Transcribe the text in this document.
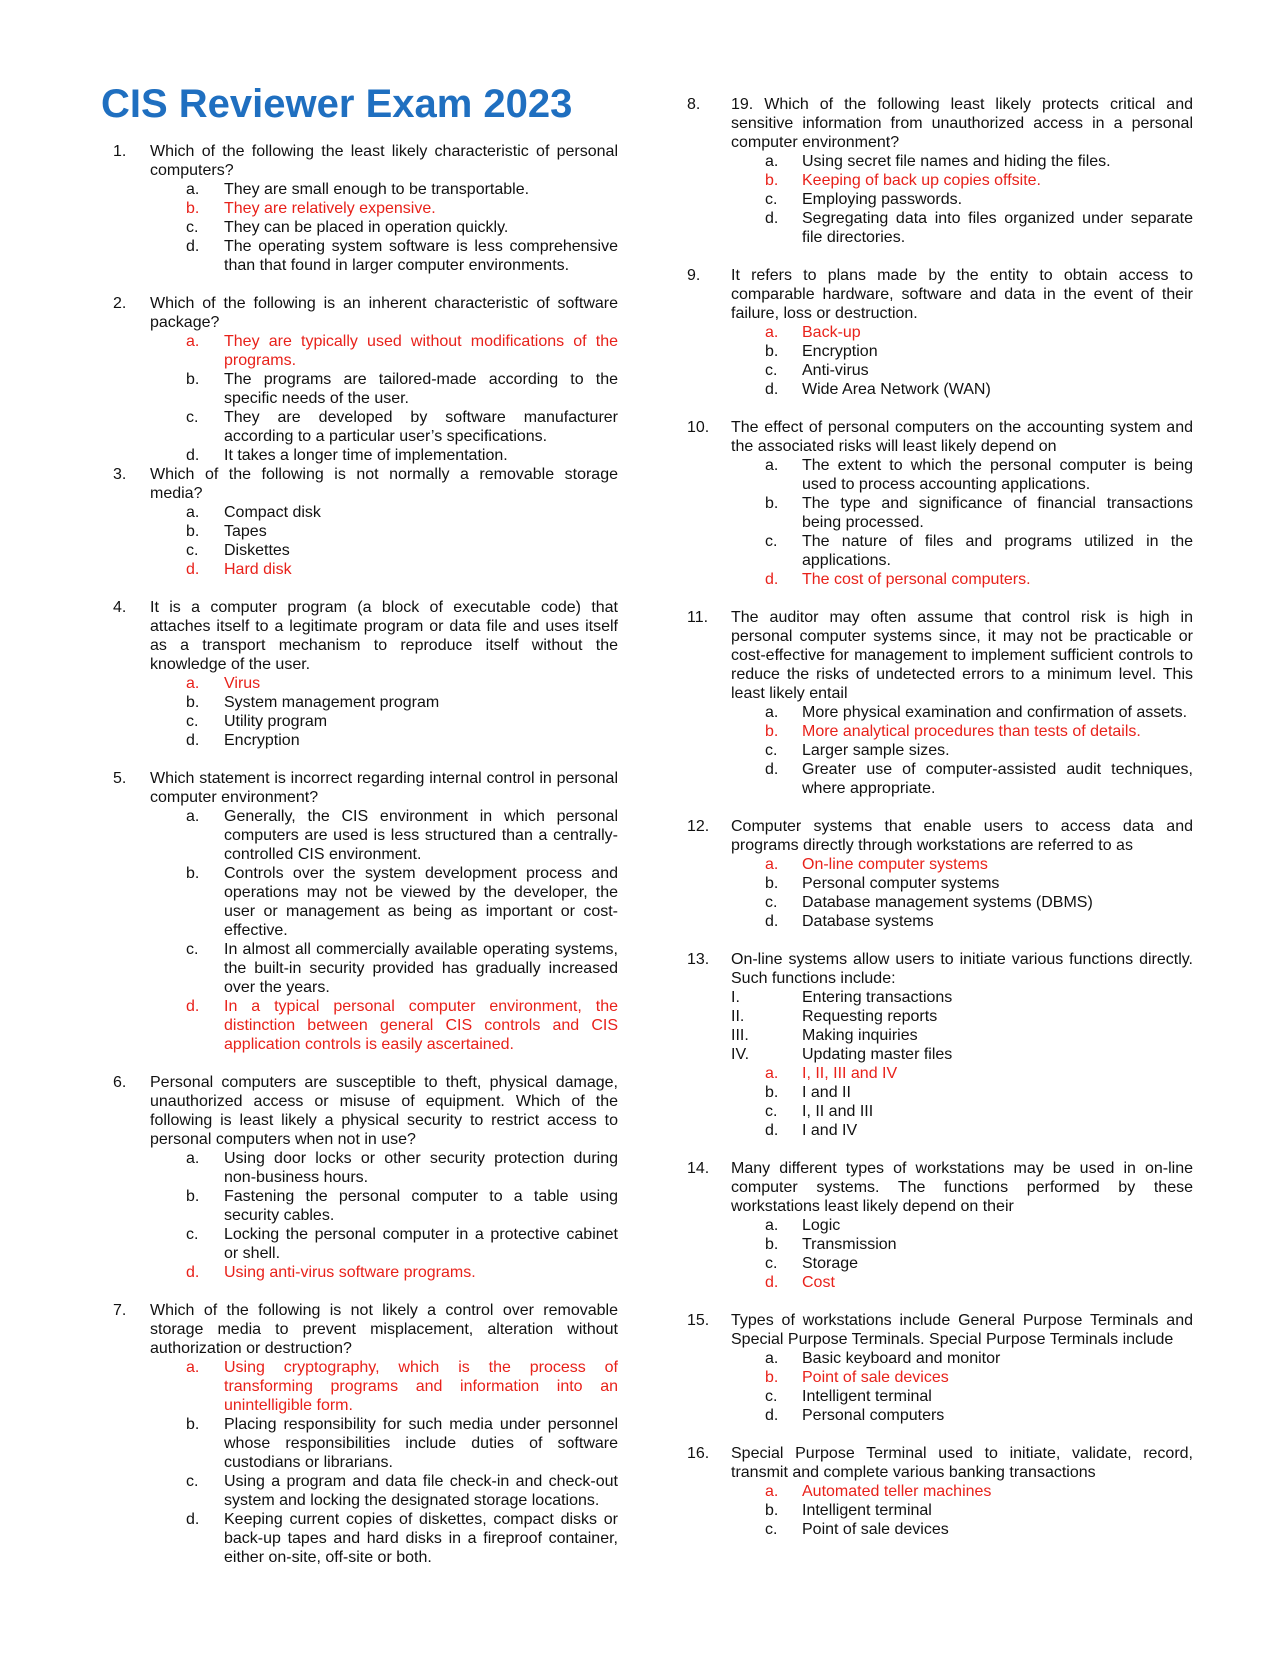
CIS Reviewer Exam 2023
1. Which of the following the least likely characteristic of personal computers?
a. They are small enough to be transportable.
b. They are relatively expensive.
c. They can be placed in operation quickly.
d. The operating system software is less comprehensive than that found in larger computer environments.
2. Which of the following is an inherent characteristic of software package?
a. They are typically used without modifications of the programs.
b. The programs are tailored-made according to the specific needs of the user.
c. They are developed by software manufacturer according to a particular user’s specifications.
d. It takes a longer time of implementation.
3. Which of the following is not normally a removable storage media?
a. Compact disk
b. Tapes
c. Diskettes
d. Hard disk
4. It is a computer program (a block of executable code) that attaches itself to a legitimate program or data file and uses itself as a transport mechanism to reproduce itself without the knowledge of the user.
a. Virus
b. System management program
c. Utility program
d. Encryption
5. Which statement is incorrect regarding internal control in personal computer environment?
a. Generally, the CIS environment in which personal computers are used is less structured than a centrally-controlled CIS environment.
b. Controls over the system development process and operations may not be viewed by the developer, the user or management as being as important or cost-effective.
c. In almost all commercially available operating systems, the built-in security provided has gradually increased over the years.
d. In a typical personal computer environment, the distinction between general CIS controls and CIS application controls is easily ascertained.
6. Personal computers are susceptible to theft, physical damage, unauthorized access or misuse of equipment. Which of the following is least likely a physical security to restrict access to personal computers when not in use?
a. Using door locks or other security protection during non-business hours.
b. Fastening the personal computer to a table using security cables.
c. Locking the personal computer in a protective cabinet or shell.
d. Using anti-virus software programs.
7. Which of the following is not likely a control over removable storage media to prevent misplacement, alteration without authorization or destruction?
a. Using cryptography, which is the process of transforming programs and information into an unintelligible form.
b. Placing responsibility for such media under personnel whose responsibilities include duties of software custodians or librarians.
c. Using a program and data file check-in and check-out system and locking the designated storage locations.
d. Keeping current copies of diskettes, compact disks or back-up tapes and hard disks in a fireproof container, either on-site, off-site or both.
8. 19. Which of the following least likely protects critical and sensitive information from unauthorized access in a personal computer environment?
a. Using secret file names and hiding the files.
b. Keeping of back up copies offsite.
c. Employing passwords.
d. Segregating data into files organized under separate file directories.
9. It refers to plans made by the entity to obtain access to comparable hardware, software and data in the event of their failure, loss or destruction.
a. Back-up
b. Encryption
c. Anti-virus
d. Wide Area Network (WAN)
10. The effect of personal computers on the accounting system and the associated risks will least likely depend on
a. The extent to which the personal computer is being used to process accounting applications.
b. The type and significance of financial transactions being processed.
c. The nature of files and programs utilized in the applications.
d. The cost of personal computers.
11. The auditor may often assume that control risk is high in personal computer systems since, it may not be practicable or cost-effective for management to implement sufficient controls to reduce the risks of undetected errors to a minimum level. This least likely entail
a. More physical examination and confirmation of assets.
b. More analytical procedures than tests of details.
c. Larger sample sizes.
d. Greater use of computer-assisted audit techniques, where appropriate.
12. Computer systems that enable users to access data and programs directly through workstations are referred to as
a. On-line computer systems
b. Personal computer systems
c. Database management systems (DBMS)
d. Database systems
13. On-line systems allow users to initiate various functions directly. Such functions include:
I.	Entering transactions
II.	Requesting reports
III.	Making inquiries
IV.	Updating master files
a. I, II, III and IV
b. I and II
c. I, II and III
d. I and IV
14. Many different types of workstations may be used in on-line computer systems. The functions performed by these workstations least likely depend on their
a. Logic
b. Transmission
c. Storage
d. Cost
15. Types of workstations include General Purpose Terminals and Special Purpose Terminals. Special Purpose Terminals include
a. Basic keyboard and monitor
b. Point of sale devices
c. Intelligent terminal
d. Personal computers
16. Special Purpose Terminal used to initiate, validate, record, transmit and complete various banking transactions
a. Automated teller machines
b. Intelligent terminal
c. Point of sale devices
